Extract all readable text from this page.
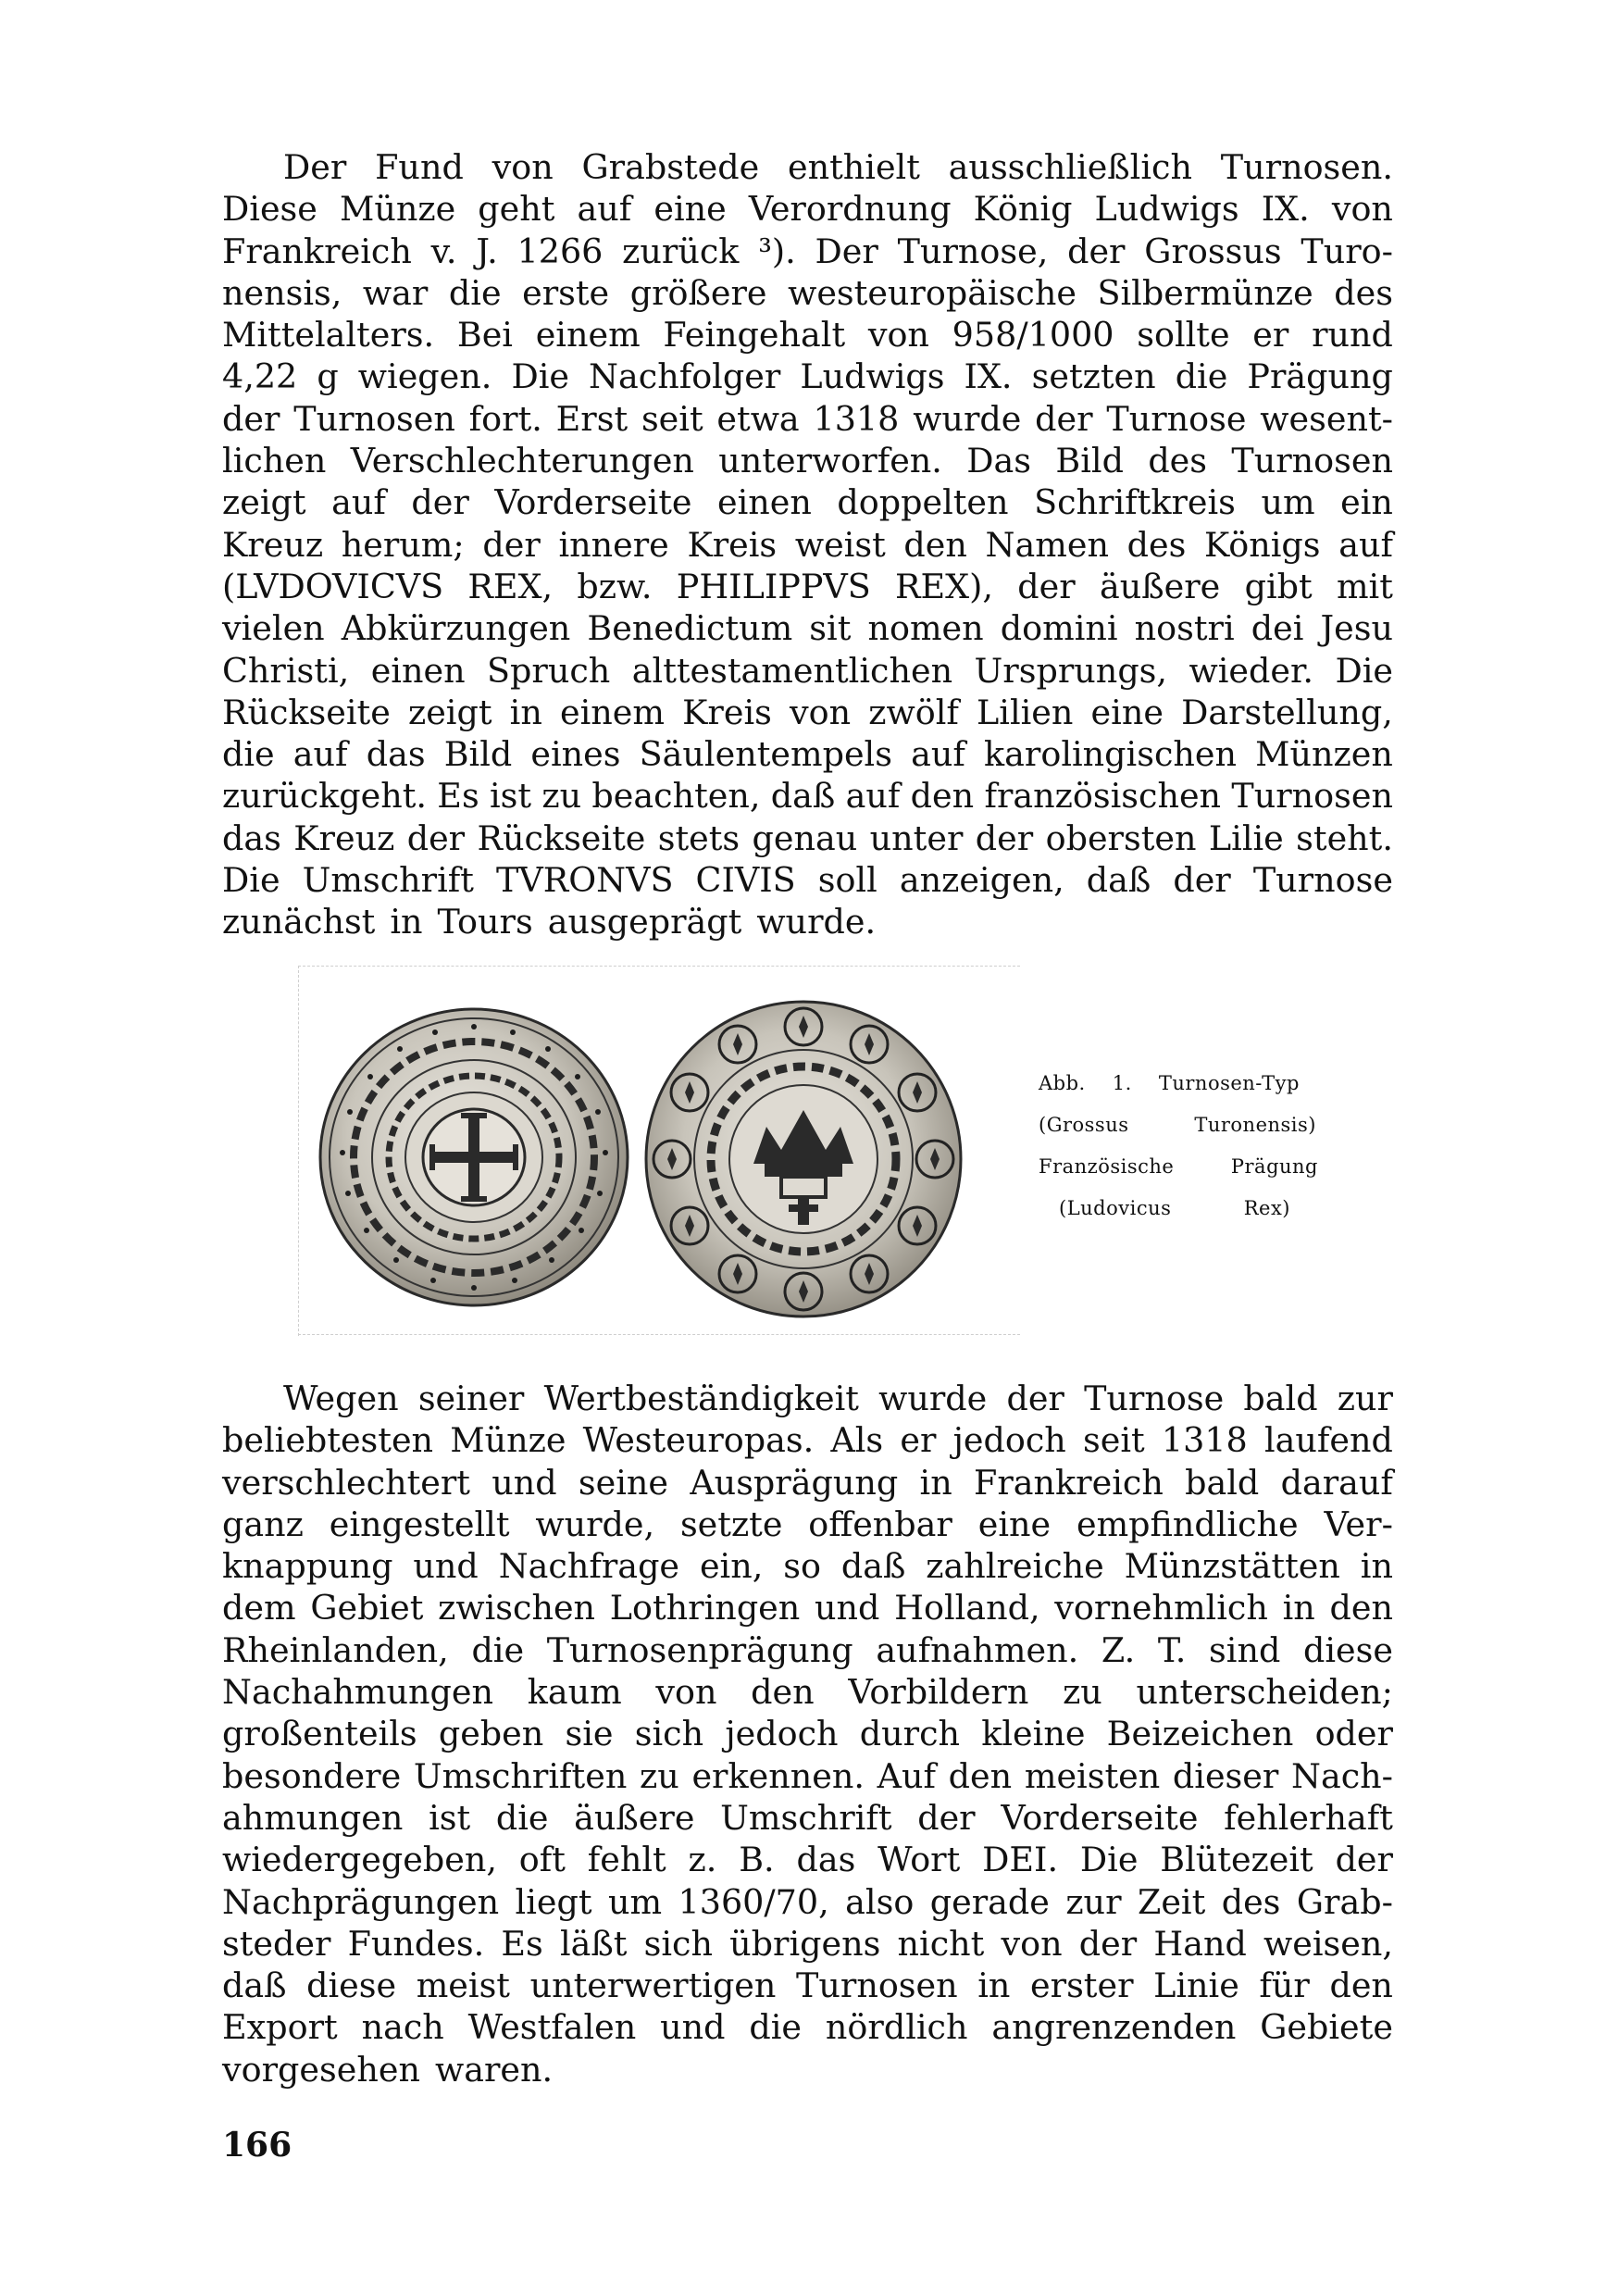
Der Fund von Grabstede enthielt ausschließlich Turnosen.
Diese Münze geht auf eine Verordnung König Ludwigs IX. von
Frankreich v. J. 1266 zurück ³). Der Turnose, der Grossus Turo-
nensis, war die erste größere westeuropäische Silbermünze des
Mittelalters. Bei einem Feingehalt von 958/1000 sollte er rund
4,22 g wiegen. Die Nachfolger Ludwigs IX. setzten die Prägung
der Turnosen fort. Erst seit etwa 1318 wurde der Turnose wesent-
lichen Verschlechterungen unterworfen. Das Bild des Turnosen
zeigt auf der Vorderseite einen doppelten Schriftkreis um ein
Kreuz herum; der innere Kreis weist den Namen des Königs auf
(LVDOVICVS REX, bzw. PHILIPPVS REX), der äußere gibt mit
vielen Abkürzungen Benedictum sit nomen domini nostri dei Jesu
Christi, einen Spruch alttestamentlichen Ursprungs, wieder. Die
Rückseite zeigt in einem Kreis von zwölf Lilien eine Darstellung,
die auf das Bild eines Säulentempels auf karolingischen Münzen
zurückgeht. Es ist zu beachten, daß auf den französischen Turnosen
das Kreuz der Rückseite stets genau unter der obersten Lilie steht.
Die Umschrift TVRONVS CIVIS soll anzeigen, daß der Turnose
zunächst in Tours ausgeprägt wurde.
Abb. 1. Turnosen-Typ
(Grossus	Turonensis)
Französische	Prägung
(Ludovicus	Rex)
Wegen seiner Wertbeständigkeit wurde der Turnose bald zur
beliebtesten Münze Westeuropas. Als er jedoch seit 1318 laufend
verschlechtert und seine Ausprägung in Frankreich bald darauf
ganz eingestellt wurde, setzte offenbar eine empfindliche Ver-
knappung und Nachfrage ein, so daß zahlreiche Münzstätten in
dem Gebiet zwischen Lothringen und Holland, vornehmlich in den
Rheinlanden, die Turnosenprägung aufnahmen. Z. T. sind diese
Nachahmungen kaum von den Vorbildern zu unterscheiden;
großenteils geben sie sich jedoch durch kleine Beizeichen oder
besondere Umschriften zu erkennen. Auf den meisten dieser Nach-
ahmungen ist die äußere Umschrift der Vorderseite fehlerhaft
wiedergegeben, oft fehlt z. B. das Wort DEI. Die Blütezeit der
Nachprägungen liegt um 1360/70, also gerade zur Zeit des Grab-
steder Fundes. Es läßt sich übrigens nicht von der Hand weisen,
daß diese meist unterwertigen Turnosen in erster Linie für den
Export nach Westfalen und die nördlich angrenzenden Gebiete
vorgesehen waren.
166
